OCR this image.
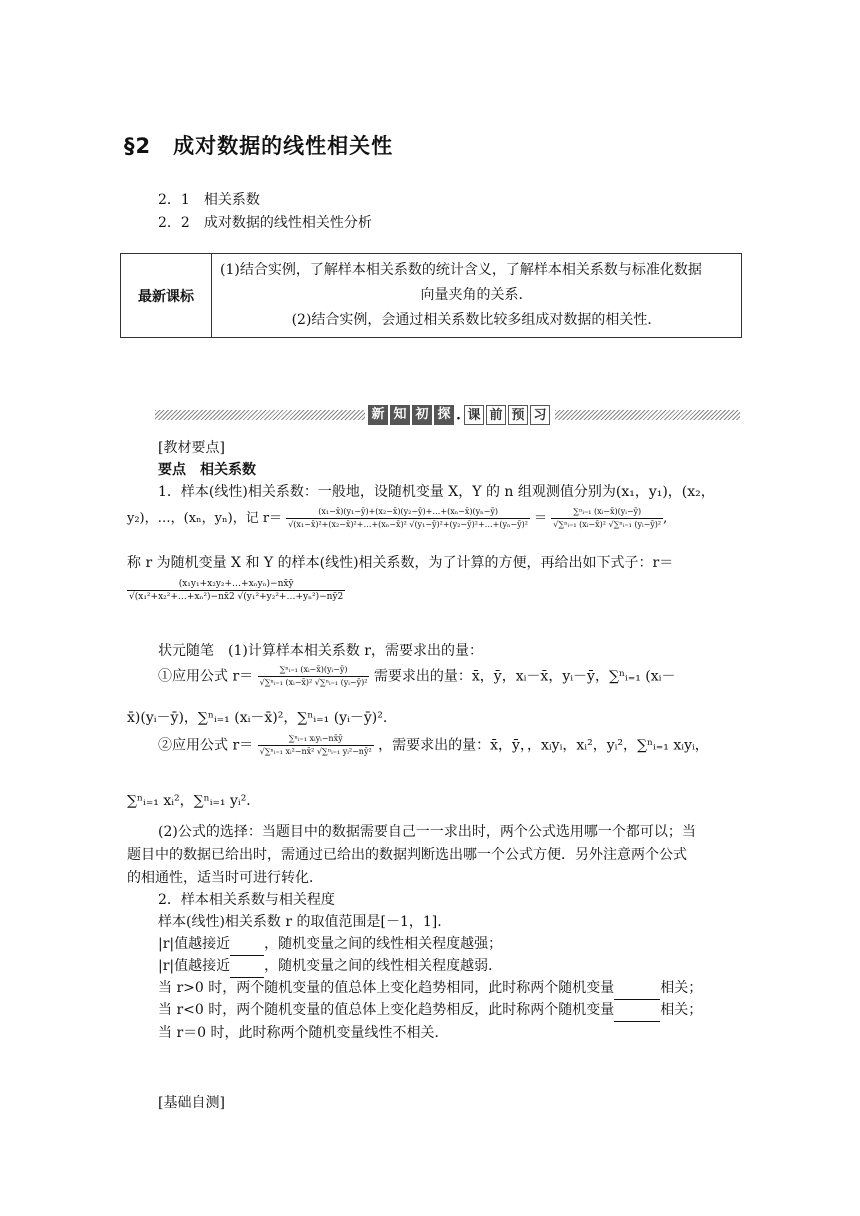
§2　成对数据的线性相关性
2．1　相关系数
2．2　成对数据的线性相关性分析
最新课标	
(1)结合实例，了解样本相关系数的统计含义，了解样本相关系数与标准化数据
向量夹角的关系．
(2)结合实例，会通过相关系数比较多组成对数据的相关性．
新 知 初 探 · 课 前 预 习
[教材要点]
要点　相关系数
1．样本(线性)相关系数：一般地，设随机变量 X，Y 的 n 组观测值分别为(x₁，y₁)，(x₂，
y₂)，…，(xₙ，yₙ)，记 $r= \frac{\text{(x₁−x̄)(y₁−ȳ)+(x₂−x̄)(y₂−ȳ)+…+(xₙ−x̄)(yₙ−ȳ)}}{\text{√(x₁−x̄)²+(x₂−x̄)²+…+(xₙ−x̄)² √(y₁−ȳ)²+(y₂−ȳ)²+…+(yₙ−ȳ)²}} = \frac{\text{∑ⁿᵢ₌₁ (xᵢ−x̄)(yᵢ−ȳ)}}{\text{√∑ⁿᵢ₌₁ (xᵢ−x̄)² √∑ⁿᵢ₌₁ (yᵢ−ȳ)²}}$ ,
称 r 为随机变量 X 和 Y 的样本(线性)相关系数，为了计算的方便，再给出如下式子：r＝
$\frac{\text{(x₁y₁+x₂y₂+…+xₙyₙ)−nx̄ȳ}}{\text{√(x₁²+x₂²+…+xₙ²)−nx̄2 √(y₁²+y₂²+…+yₙ²)−nȳ2}}$
状元随笔　(1)计算样本相关系数 r，需要求出的量：
①应用公式 $r= \frac{\text{∑ⁿᵢ₌₁ (xᵢ−x̄)(yᵢ−ȳ)}}{\text{√∑ⁿᵢ₌₁ (xᵢ−x̄)² √∑ⁿᵢ₌₁ (yᵢ−ȳ)²}}$ 需要求出的量：x̄，ȳ，xᵢ－x̄，yᵢ－ȳ，∑ⁿᵢ₌₁ (xᵢ－
x̄)(yᵢ－ȳ)，∑ⁿᵢ₌₁ (xᵢ－x̄)²，∑ⁿᵢ₌₁ (yᵢ－ȳ)².
②应用公式 $r= \frac{\text{∑ⁿᵢ₌₁ xᵢyᵢ−nx̄ȳ}}{\text{√∑ⁿᵢ₌₁ xᵢ²−nx̄² √∑ⁿᵢ₌₁ yᵢ²−nȳ²}}$ ，需要求出的量：x̄，ȳ，，xᵢyᵢ，xᵢ²，yᵢ²，∑ⁿᵢ₌₁ xᵢyᵢ，
∑ⁿᵢ₌₁ xᵢ²，∑ⁿᵢ₌₁ yᵢ²．
(2)公式的选择：当题目中的数据需要自己一一求出时，两个公式选用哪一个都可以；当
题目中的数据已给出时，需通过已给出的数据判断选出哪一个公式方便．另外注意两个公式
的相通性，适当时可进行转化．
2．样本相关系数与相关程度
样本(线性)相关系数 r 的取值范围是[－1，1].
|r|值越接近 ，随机变量之间的线性相关程度越强；
|r|值越接近 ，随机变量之间的线性相关程度越弱．
当 r>0 时，两个随机变量的值总体上变化趋势相同，此时称两个随机变量	相关；
当 r<0 时，两个随机变量的值总体上变化趋势相反，此时称两个随机变量	相关；
当 r＝0 时，此时称两个随机变量线性不相关．
[基础自测]
